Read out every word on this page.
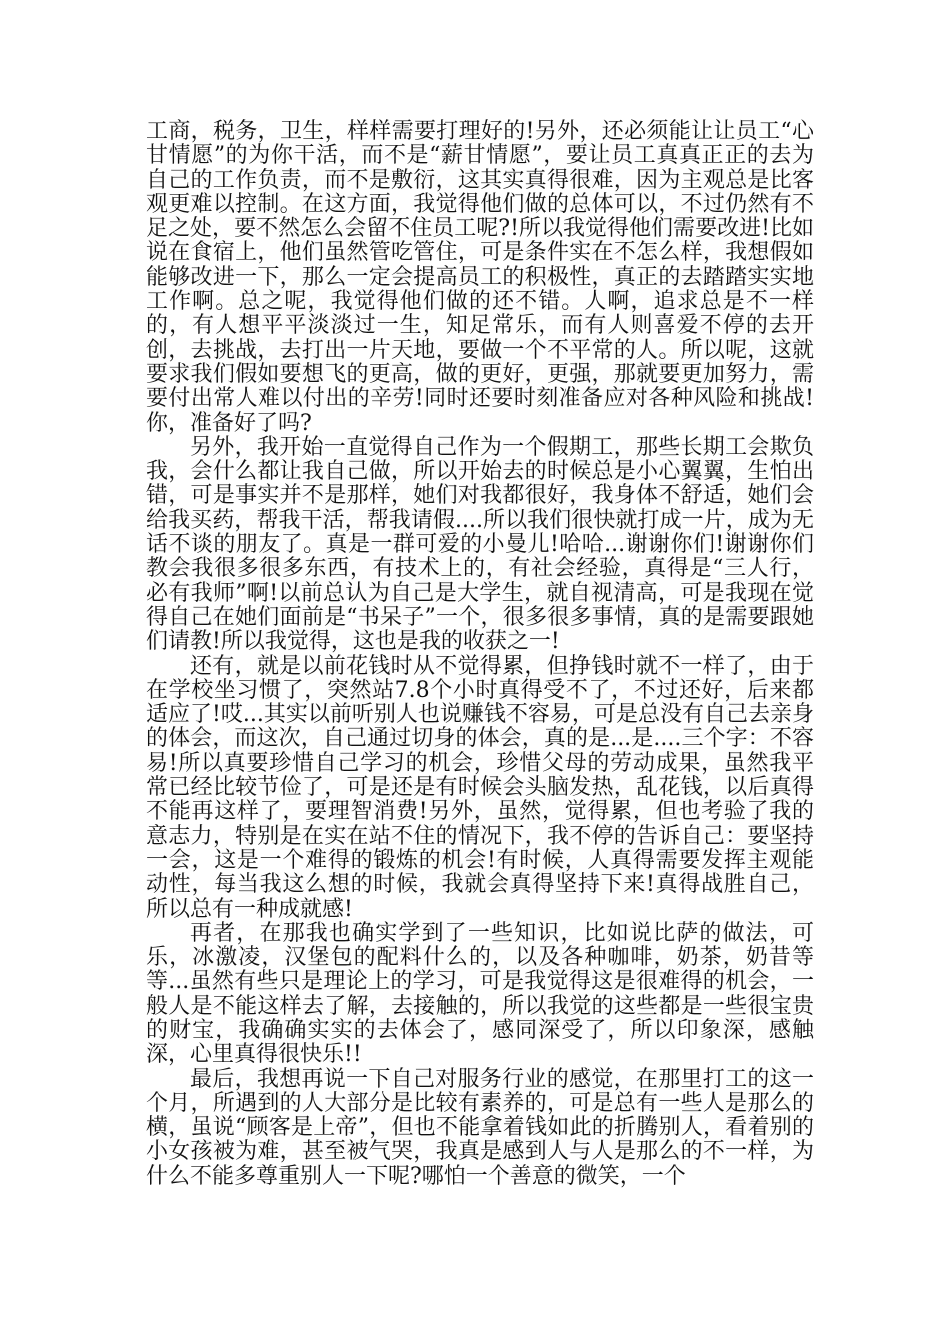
工商，税务，卫生，样样需要打理好的!另外，还必须能让让员工“心甘情愿”的为你干活，而不是“薪甘情愿”，要让员工真真正正的去为自己的工作负责，而不是敷衍，这其实真得很难，因为主观总是比客观更难以控制。在这方面，我觉得他们做的总体可以，不过仍然有不足之处，要不然怎么会留不住员工呢?!所以我觉得他们需要改进!比如说在食宿上，他们虽然管吃管住，可是条件实在不怎么样，我想假如能够改进一下，那么一定会提高员工的积极性，真正的去踏踏实实地工作啊。总之呢，我觉得他们做的还不错。人啊，追求总是不一样的，有人想平平淡淡过一生，知足常乐，而有人则喜爱不停的去开创，去挑战，去打出一片天地，要做一个不平常的人。所以呢，这就要求我们假如要想飞的更高，做的更好，更强，那就要更加努力，需要付出常人难以付出的辛劳!同时还要时刻准备应对各种风险和挑战!你，准备好了吗?

另外，我开始一直觉得自己作为一个假期工，那些长期工会欺负我，会什么都让我自己做，所以开始去的时候总是小心翼翼，生怕出错，可是事实并不是那样，她们对我都很好，我身体不舒适，她们会给我买药，帮我干活，帮我请假....所以我们很快就打成一片，成为无话不谈的朋友了。真是一群可爱的小曼儿!哈哈...谢谢你们!谢谢你们教会我很多很多东西，有技术上的，有社会经验，真得是“三人行，必有我师”啊!以前总认为自己是大学生，就自视清高，可是我现在觉得自己在她们面前是“书呆子”一个，很多很多事情，真的是需要跟她们请教!所以我觉得，这也是我的收获之一!

还有，就是以前花钱时从不觉得累，但挣钱时就不一样了，由于在学校坐习惯了，突然站7.8个小时真得受不了，不过还好，后来都适应了!哎...其实以前听别人也说赚钱不容易，可是总没有自己去亲身的体会，而这次，自己通过切身的体会，真的是...是....三个字：不容易!所以真要珍惜自己学习的机会，珍惜父母的劳动成果，虽然我平常已经比较节俭了，可是还是有时候会头脑发热，乱花钱，以后真得不能再这样了，要理智消费!另外，虽然，觉得累，但也考验了我的意志力，特别是在实在站不住的情况下，我不停的告诉自己：要坚持一会，这是一个难得的锻炼的机会!有时候，人真得需要发挥主观能动性，每当我这么想的时候，我就会真得坚持下来!真得战胜自己，所以总有一种成就感!

再者，在那我也确实学到了一些知识，比如说比萨的做法，可乐，冰激凌，汉堡包的配料什么的，以及各种咖啡，奶茶，奶昔等等...虽然有些只是理论上的学习，可是我觉得这是很难得的机会，一般人是不能这样去了解，去接触的，所以我觉的这些都是一些很宝贵的财宝，我确确实实的去体会了，感同深受了，所以印象深，感触深，心里真得很快乐!!

最后，我想再说一下自己对服务行业的感觉，在那里打工的这一个月，所遇到的人大部分是比较有素养的，可是总有一些人是那么的横，虽说“顾客是上帝”，但也不能拿着钱如此的折腾别人，看着别的小女孩被为难，甚至被气哭，我真是感到人与人是那么的不一样，为什么不能多尊重别人一下呢?哪怕一个善意的微笑，一个
